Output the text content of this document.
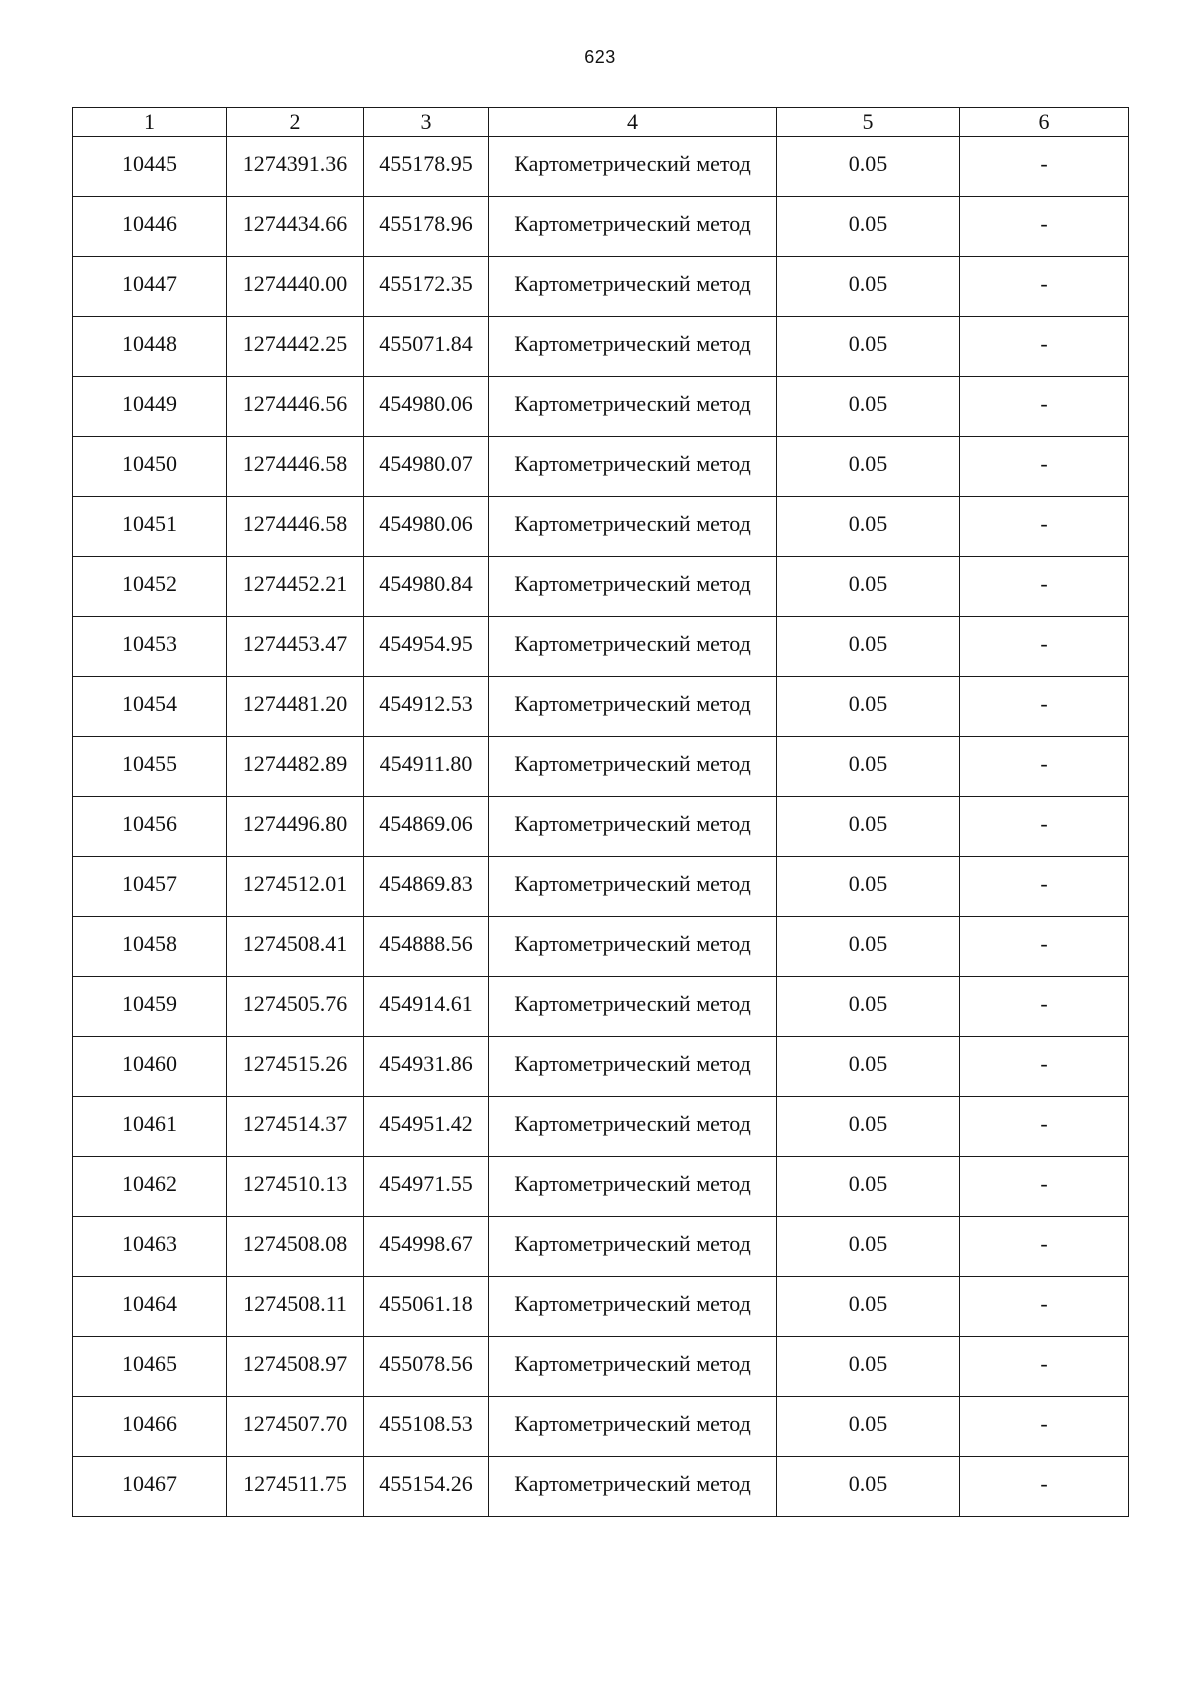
623
1	2	3	4	5	6
10445	1274391.36	455178.95	Картометрический метод	0.05	-
10446	1274434.66	455178.96	Картометрический метод	0.05	-
10447	1274440.00	455172.35	Картометрический метод	0.05	-
10448	1274442.25	455071.84	Картометрический метод	0.05	-
10449	1274446.56	454980.06	Картометрический метод	0.05	-
10450	1274446.58	454980.07	Картометрический метод	0.05	-
10451	1274446.58	454980.06	Картометрический метод	0.05	-
10452	1274452.21	454980.84	Картометрический метод	0.05	-
10453	1274453.47	454954.95	Картометрический метод	0.05	-
10454	1274481.20	454912.53	Картометрический метод	0.05	-
10455	1274482.89	454911.80	Картометрический метод	0.05	-
10456	1274496.80	454869.06	Картометрический метод	0.05	-
10457	1274512.01	454869.83	Картометрический метод	0.05	-
10458	1274508.41	454888.56	Картометрический метод	0.05	-
10459	1274505.76	454914.61	Картометрический метод	0.05	-
10460	1274515.26	454931.86	Картометрический метод	0.05	-
10461	1274514.37	454951.42	Картометрический метод	0.05	-
10462	1274510.13	454971.55	Картометрический метод	0.05	-
10463	1274508.08	454998.67	Картометрический метод	0.05	-
10464	1274508.11	455061.18	Картометрический метод	0.05	-
10465	1274508.97	455078.56	Картометрический метод	0.05	-
10466	1274507.70	455108.53	Картометрический метод	0.05	-
10467	1274511.75	455154.26	Картометрический метод	0.05	-
